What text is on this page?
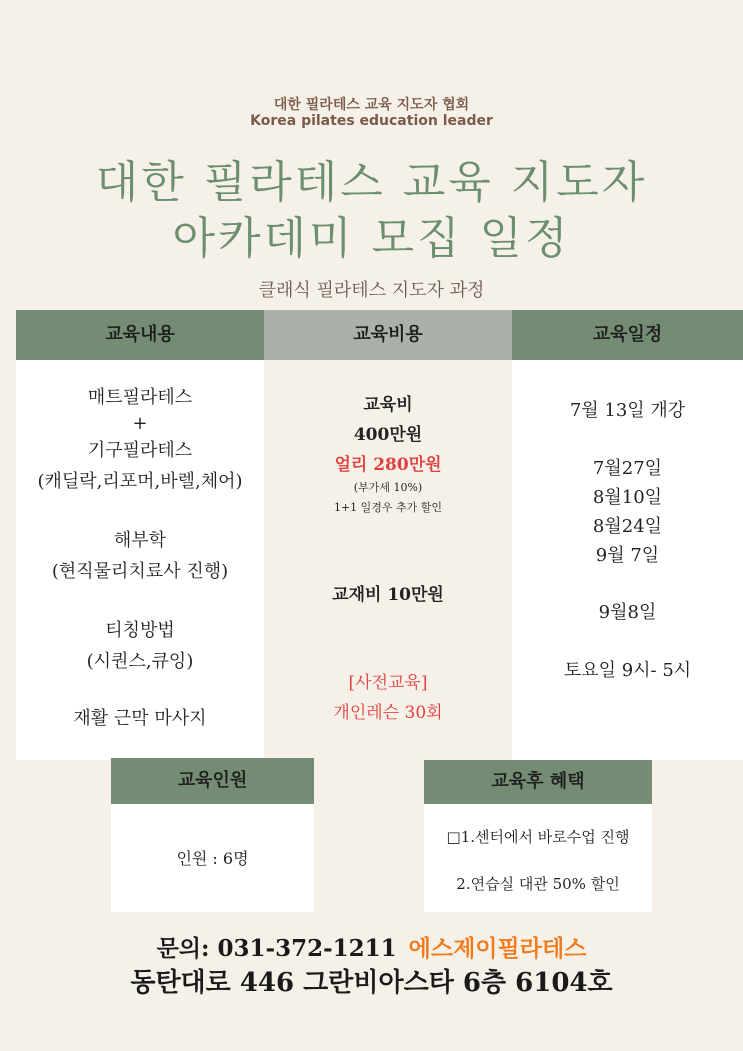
대한 필라테스 교육 지도자 협회
Korea pilates education leader
대한 필라테스 교육 지도자
아카데미 모집 일정
클래식 필라테스 지도자 과정
교육내용	교육비용	교육일정
매트필라테스
+
기구필라테스
(캐딜락,리포머,바렐,체어)
해부학
(현직물리치료사 진행)
티칭방법
(시퀀스,큐잉)
재활 근막 마사지
교육비
400만원
얼리 280만원
(부가세 10%)
1+1 일경우 추가 할인
교재비 10만원
[사전교육]
개인레슨 30회
7월 13일 개강
7월27일
8월10일
8월24일
9월 7일
9월8일
토요일 9시- 5시
교육인원
인원 : 6명
교육후 혜택
□1.센터에서 바로수업 진행
2.연습실 대관 50% 할인
문의: 031-372-1211 에스제이필라테스
동탄대로 446 그란비아스타 6층 6104호
